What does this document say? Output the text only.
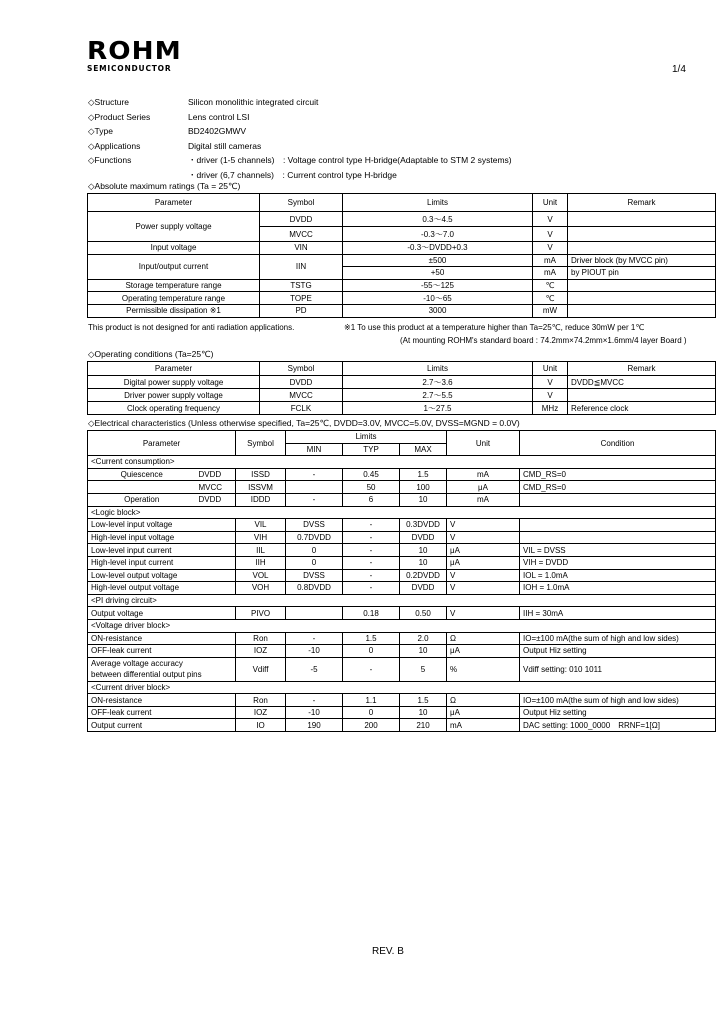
ROHM
SEMICONDUCTOR	1/4
◇Structure	Silicon monolithic integrated circuit
◇Product Series	Lens control LSI
◇Type	BD2402GMWV
◇Applications	Digital still cameras
◇Functions	・driver (1-5 channels)　: Voltage control type H-bridge(Adaptable to STM 2 systems)
・driver (6,7 channels)　: Current control type H-bridge
◇Absolute maximum ratings (Ta = 25℃)
Parameter	Symbol	Limits	Unit	Remark
Power supply voltage	DVDD	0.3～4.5	V	
	MVCC	-0.3～7.0	V	
Input voltage	VIN	-0.3～DVDD+0.3	V	
Input/output current	IIN	±500	mA	Driver block (by MVCC pin)
		+50	mA	by PIOUT pin
Storage temperature range	TSTG	-55～125	℃	
Operating temperature range	TOPE	-10～65	℃	
Permissible dissipation ※1	PD	3000	mW	
This product is not designed for anti radiation applications.	※1 To use this product at a temperature higher than Ta=25℃, reduce 30mW per 1℃
(At mounting ROHM's standard board : 74.2mm×74.2mm×1.6mm/4 layer Board )
◇Operating conditions (Ta=25℃)
Parameter	Symbol	Limits	Unit	Remark
Digital power supply voltage	DVDD	2.7～3.6	V	DVDD≦MVCC
Driver power supply voltage	MVCC	2.7～5.5	V	
Clock operating frequency	FCLK	1～27.5	MHz	Reference clock
◇Electrical characteristics (Unless otherwise specified, Ta=25℃, DVDD=3.0V, MVCC=5.0V, DVSS=MGND = 0.0V)
Parameter		Symbol	Limits			Unit	Condition
			MIN	TYP	MAX		
<Current consumption>							
Quiescence	DVDD	ISSD	-	0.45	1.5	mA	CMD_RS=0
	MVCC	ISSVM		50	100	μA	CMD_RS=0
Operation	DVDD	IDDD	-	6	10	mA	
<Logic block>							
Low-level input voltage		VIL	DVSS	-	0.3DVDD	V	
High-level input voltage		VIH	0.7DVDD	-	DVDD	V	
Low-level input current		IIL	0	-	10	μA	VIL = DVSS
High-level input current		IIH	0	-	10	μA	VIH = DVDD
Low-level output voltage		VOL	DVSS	-	0.2DVDD	V	IOL = 1.0mA
High-level output voltage		VOH	0.8DVDD	-	DVDD	V	IOH = 1.0mA
<PI driving circuit>							
Output voltage		PIVO		0.18	0.50	V	IIH = 30mA
<Voltage driver block>							
ON-resistance		Ron	-	1.5	2.0	Ω	IO=±100 mA(the sum of high and low sides)
OFF-leak current		IOZ	-10	0	10	μA	Output Hiz setting

Average voltage accuracy
between differential output pins		Vdiff	-5	-	5	%	Vdiff setting: 010 1011
<Current driver block>							
ON-resistance		Ron	-	1.1	1.5	Ω	IO=±100 mA(the sum of high and low sides)
OFF-leak current		IOZ	-10	0	10	μA	Output Hiz setting
Output current		IO	190	200	210	mA	DAC setting: 1000_0000　RRNF=1[Ω]
REV. B
